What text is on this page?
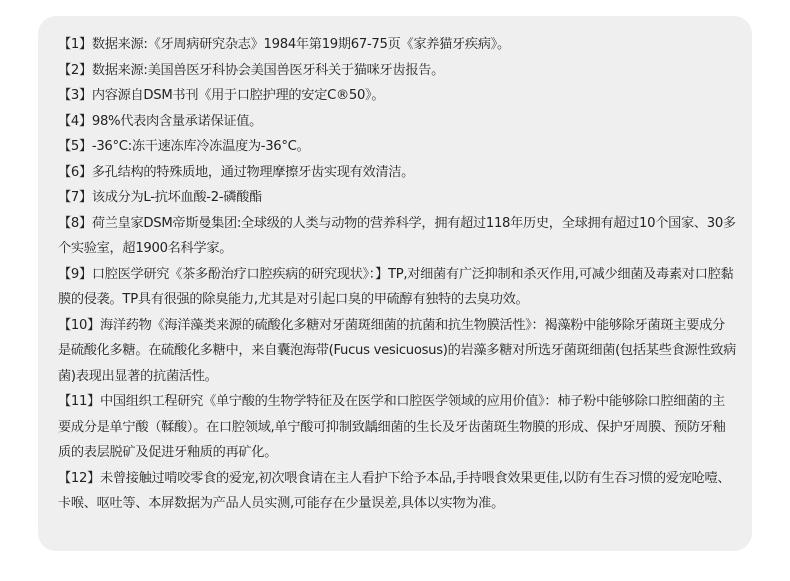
【1】数据来源:《牙周病研究杂志》1984年第19期67-75页《家养猫牙疾病》。

【2】数据来源:美国兽医牙科协会美国兽医牙科关于猫咪牙齿报告。

【3】内容源自DSM书刊《用于口腔护理的安定C®50》。

【4】98%代表肉含量承诺保证值。

【5】-36°C:冻干速冻库冷冻温度为-36°C。

【6】多孔结构的特殊质地，通过物理摩擦牙齿实现有效清洁。

【7】该成分为L-抗坏血酸-2-磷酸酯

【8】荷兰皇家DSM帝斯曼集团:全球级的人类与动物的营养科学，拥有超过118年历史，全球拥有超过10个国家、30多个实验室，超1900名科学家。

【9】口腔医学研究《茶多酚治疗口腔疾病的研究现状》：】TP,对细菌有广泛抑制和杀灭作用,可减少细菌及毒素对口腔黏膜的侵袭。TP具有很强的除臭能力,尤其是对引起口臭的甲硫醇有独特的去臭功效。

【10】海洋药物《海洋藻类来源的硫酸化多糖对牙菌斑细菌的抗菌和抗生物膜活性》：褐藻粉中能够除牙菌斑主要成分是硫酸化多糖。在硫酸化多糖中，来自囊泡海带(Fucus vesicuosus)的岩藻多糖对所选牙菌斑细菌(包括某些食源性致病菌)表现出显著的抗菌活性。

【11】中国组织工程研究《单宁酸的生物学特征及在医学和口腔医学领域的应用价值》：柿子粉中能够除口腔细菌的主要成分是单宁酸（鞣酸）。在口腔领域,单宁酸可抑制致龋细菌的生长及牙齿菌斑生物膜的形成、保护牙周膜、预防牙釉质的表层脱矿及促进牙釉质的再矿化。

【12】未曾接触过啃咬零食的爱宠,初次喂食请在主人看护下给予本品,手持喂食效果更佳,以防有生吞习惯的爱宠呛噎、卡喉、呕吐等、本屏数据为产品人员实测,可能存在少量误差,具体以实物为准。
